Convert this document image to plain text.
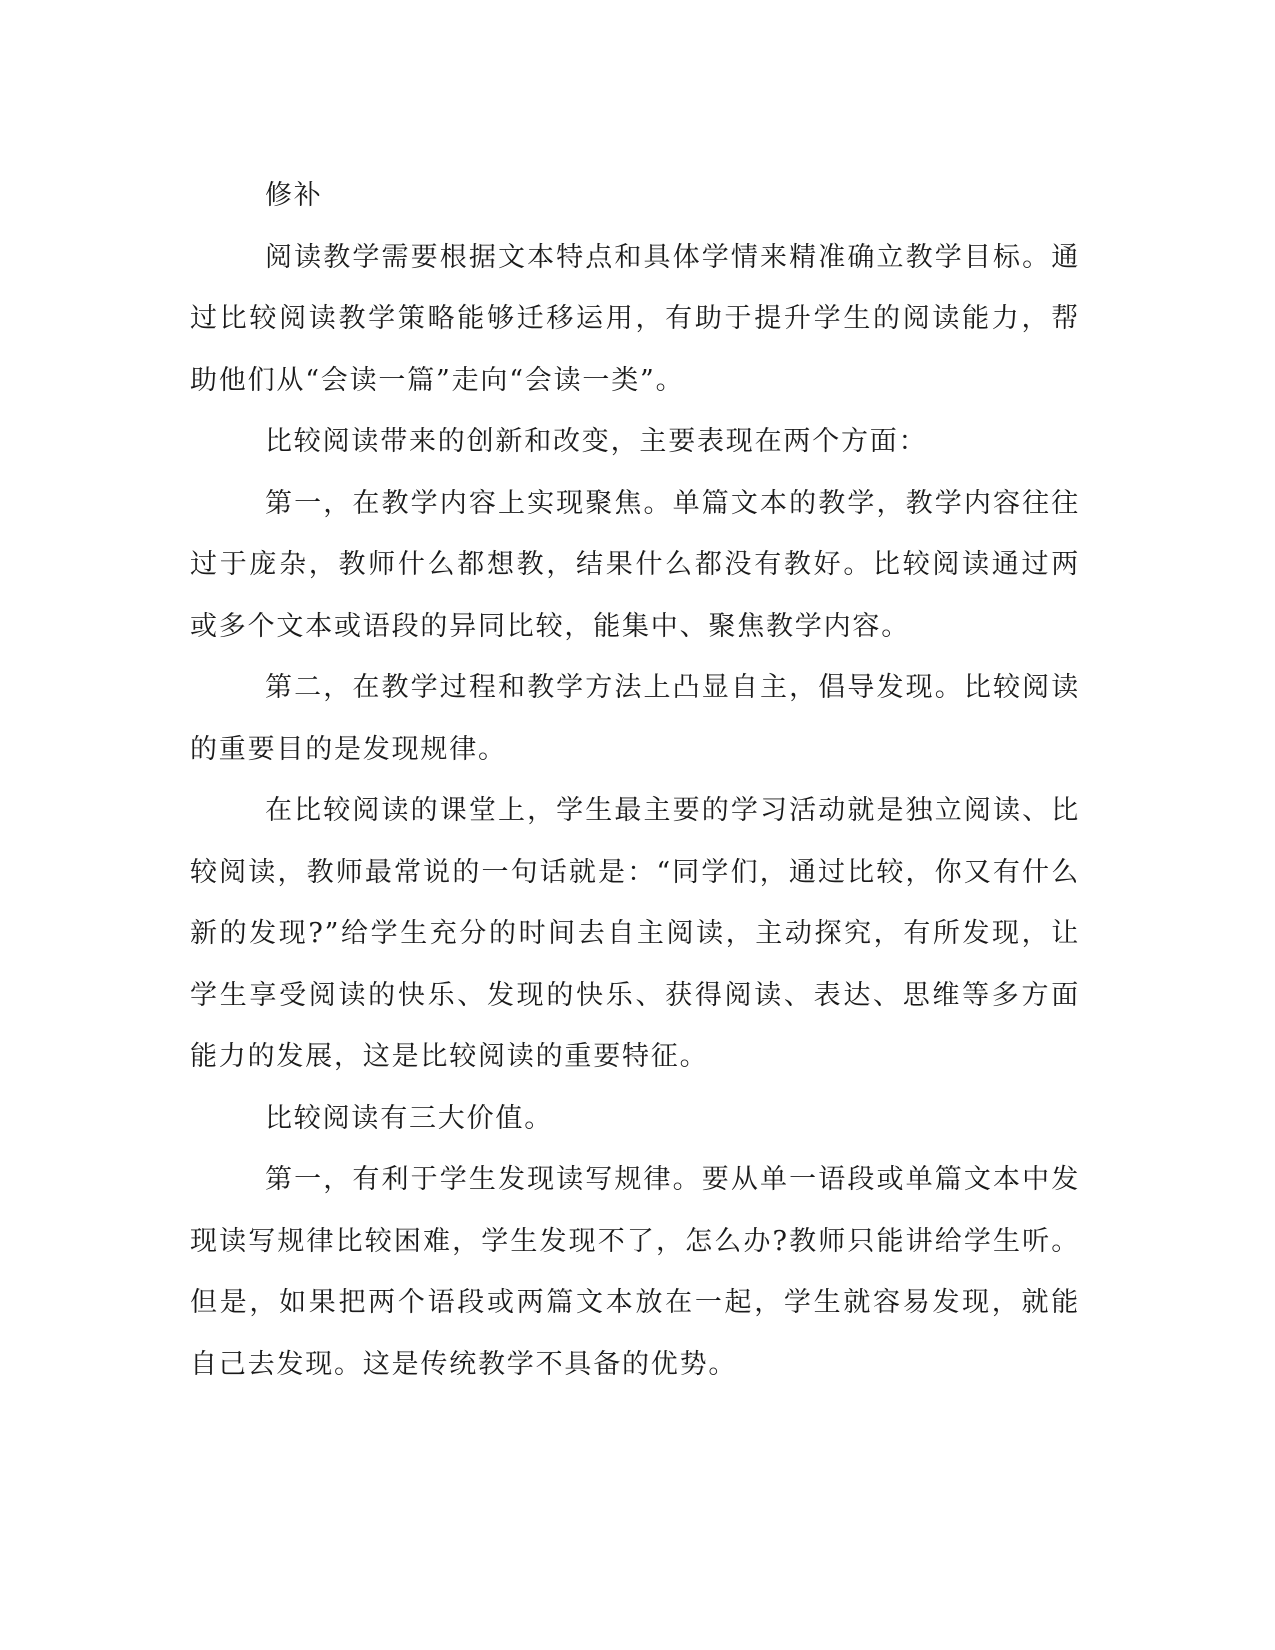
修补

阅读教学需要根据文本特点和具体学情来精准确立教学目标。通过比较阅读教学策略能够迁移运用，有助于提升学生的阅读能力，帮助他们从“会读一篇”走向“会读一类”。

比较阅读带来的创新和改变，主要表现在两个方面：

第一，在教学内容上实现聚焦。单篇文本的教学，教学内容往往过于庞杂，教师什么都想教，结果什么都没有教好。比较阅读通过两或多个文本或语段的异同比较，能集中、聚焦教学内容。

第二，在教学过程和教学方法上凸显自主，倡导发现。比较阅读的重要目的是发现规律。

在比较阅读的课堂上，学生最主要的学习活动就是独立阅读、比较阅读，教师最常说的一句话就是：“同学们，通过比较，你又有什么新的发现?”给学生充分的时间去自主阅读，主动探究，有所发现，让学生享受阅读的快乐、发现的快乐、获得阅读、表达、思维等多方面能力的发展，这是比较阅读的重要特征。

比较阅读有三大价值。

第一，有利于学生发现读写规律。要从单一语段或单篇文本中发现读写规律比较困难，学生发现不了，怎么办?教师只能讲给学生听。但是，如果把两个语段或两篇文本放在一起，学生就容易发现，就能自己去发现。这是传统教学不具备的优势。
